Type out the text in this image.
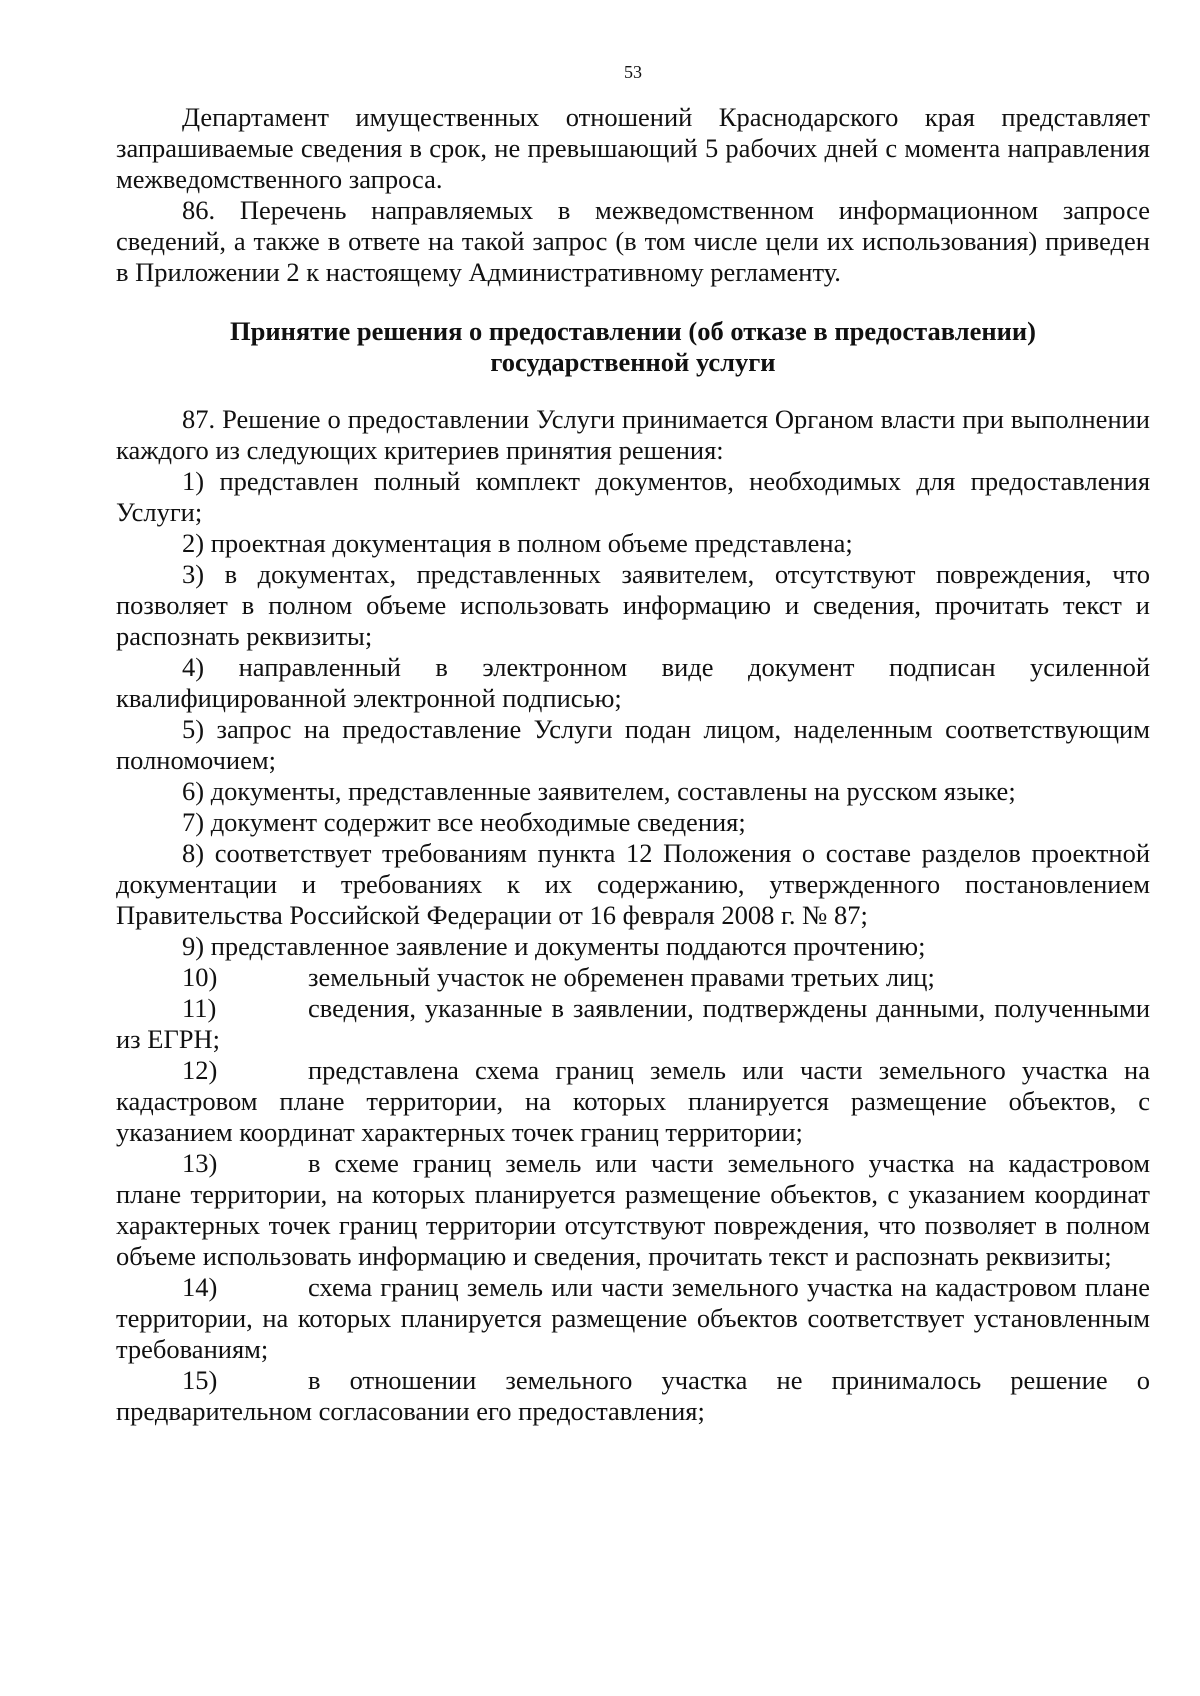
53

Департамент имущественных отношений Краснодарского края представляет запрашиваемые сведения в срок, не превышающий 5 рабочих дней с момента направления межведомственного запроса.

86. Перечень направляемых в межведомственном информационном запросе сведений, а также в ответе на такой запрос (в том числе цели их использования) приведен в Приложении 2 к настоящему Административному регламенту.

Принятие решения о предоставлении (об отказе в предоставлении)
государственной услуги

87. Решение о предоставлении Услуги принимается Органом власти при выполнении каждого из следующих критериев принятия решения:

1) представлен полный комплект документов, необходимых для предоставления Услуги;

2) проектная документация в полном объеме представлена;

3) в документах, представленных заявителем, отсутствуют повреждения, что позволяет в полном объеме использовать информацию и сведения, прочитать текст и распознать реквизиты;

4) направленный в электронном виде документ подписан усиленной квалифицированной электронной подписью;

5) запрос на предоставление Услуги подан лицом, наделенным соответствующим полномочием;

6) документы, представленные заявителем, составлены на русском языке;

7) документ содержит все необходимые сведения;

8) соответствует требованиям пункта 12 Положения о составе разделов проектной документации и требованиях к их содержанию, утвержденного постановлением Правительства Российской Федерации от 16 февраля 2008 г. № 87;

9) представленное заявление и документы поддаются прочтению;

10)	земельный участок не обременен правами третьих лиц;

11)	сведения, указанные в заявлении, подтверждены данными, полученными из ЕГРН;

12)	представлена схема границ земель или части земельного участка на кадастровом плане территории, на которых планируется размещение объектов, с указанием координат характерных точек границ территории;

13)	в схеме границ земель или части земельного участка на кадастровом плане территории, на которых планируется размещение объектов, с указанием координат характерных точек границ территории отсутствуют повреждения, что позволяет в полном объеме использовать информацию и сведения, прочитать текст и распознать реквизиты;

14)	схема границ земель или части земельного участка на кадастровом плане территории, на которых планируется размещение объектов соответствует установленным требованиям;

15)	в отношении земельного участка не принималось решение о предварительном согласовании его предоставления;
